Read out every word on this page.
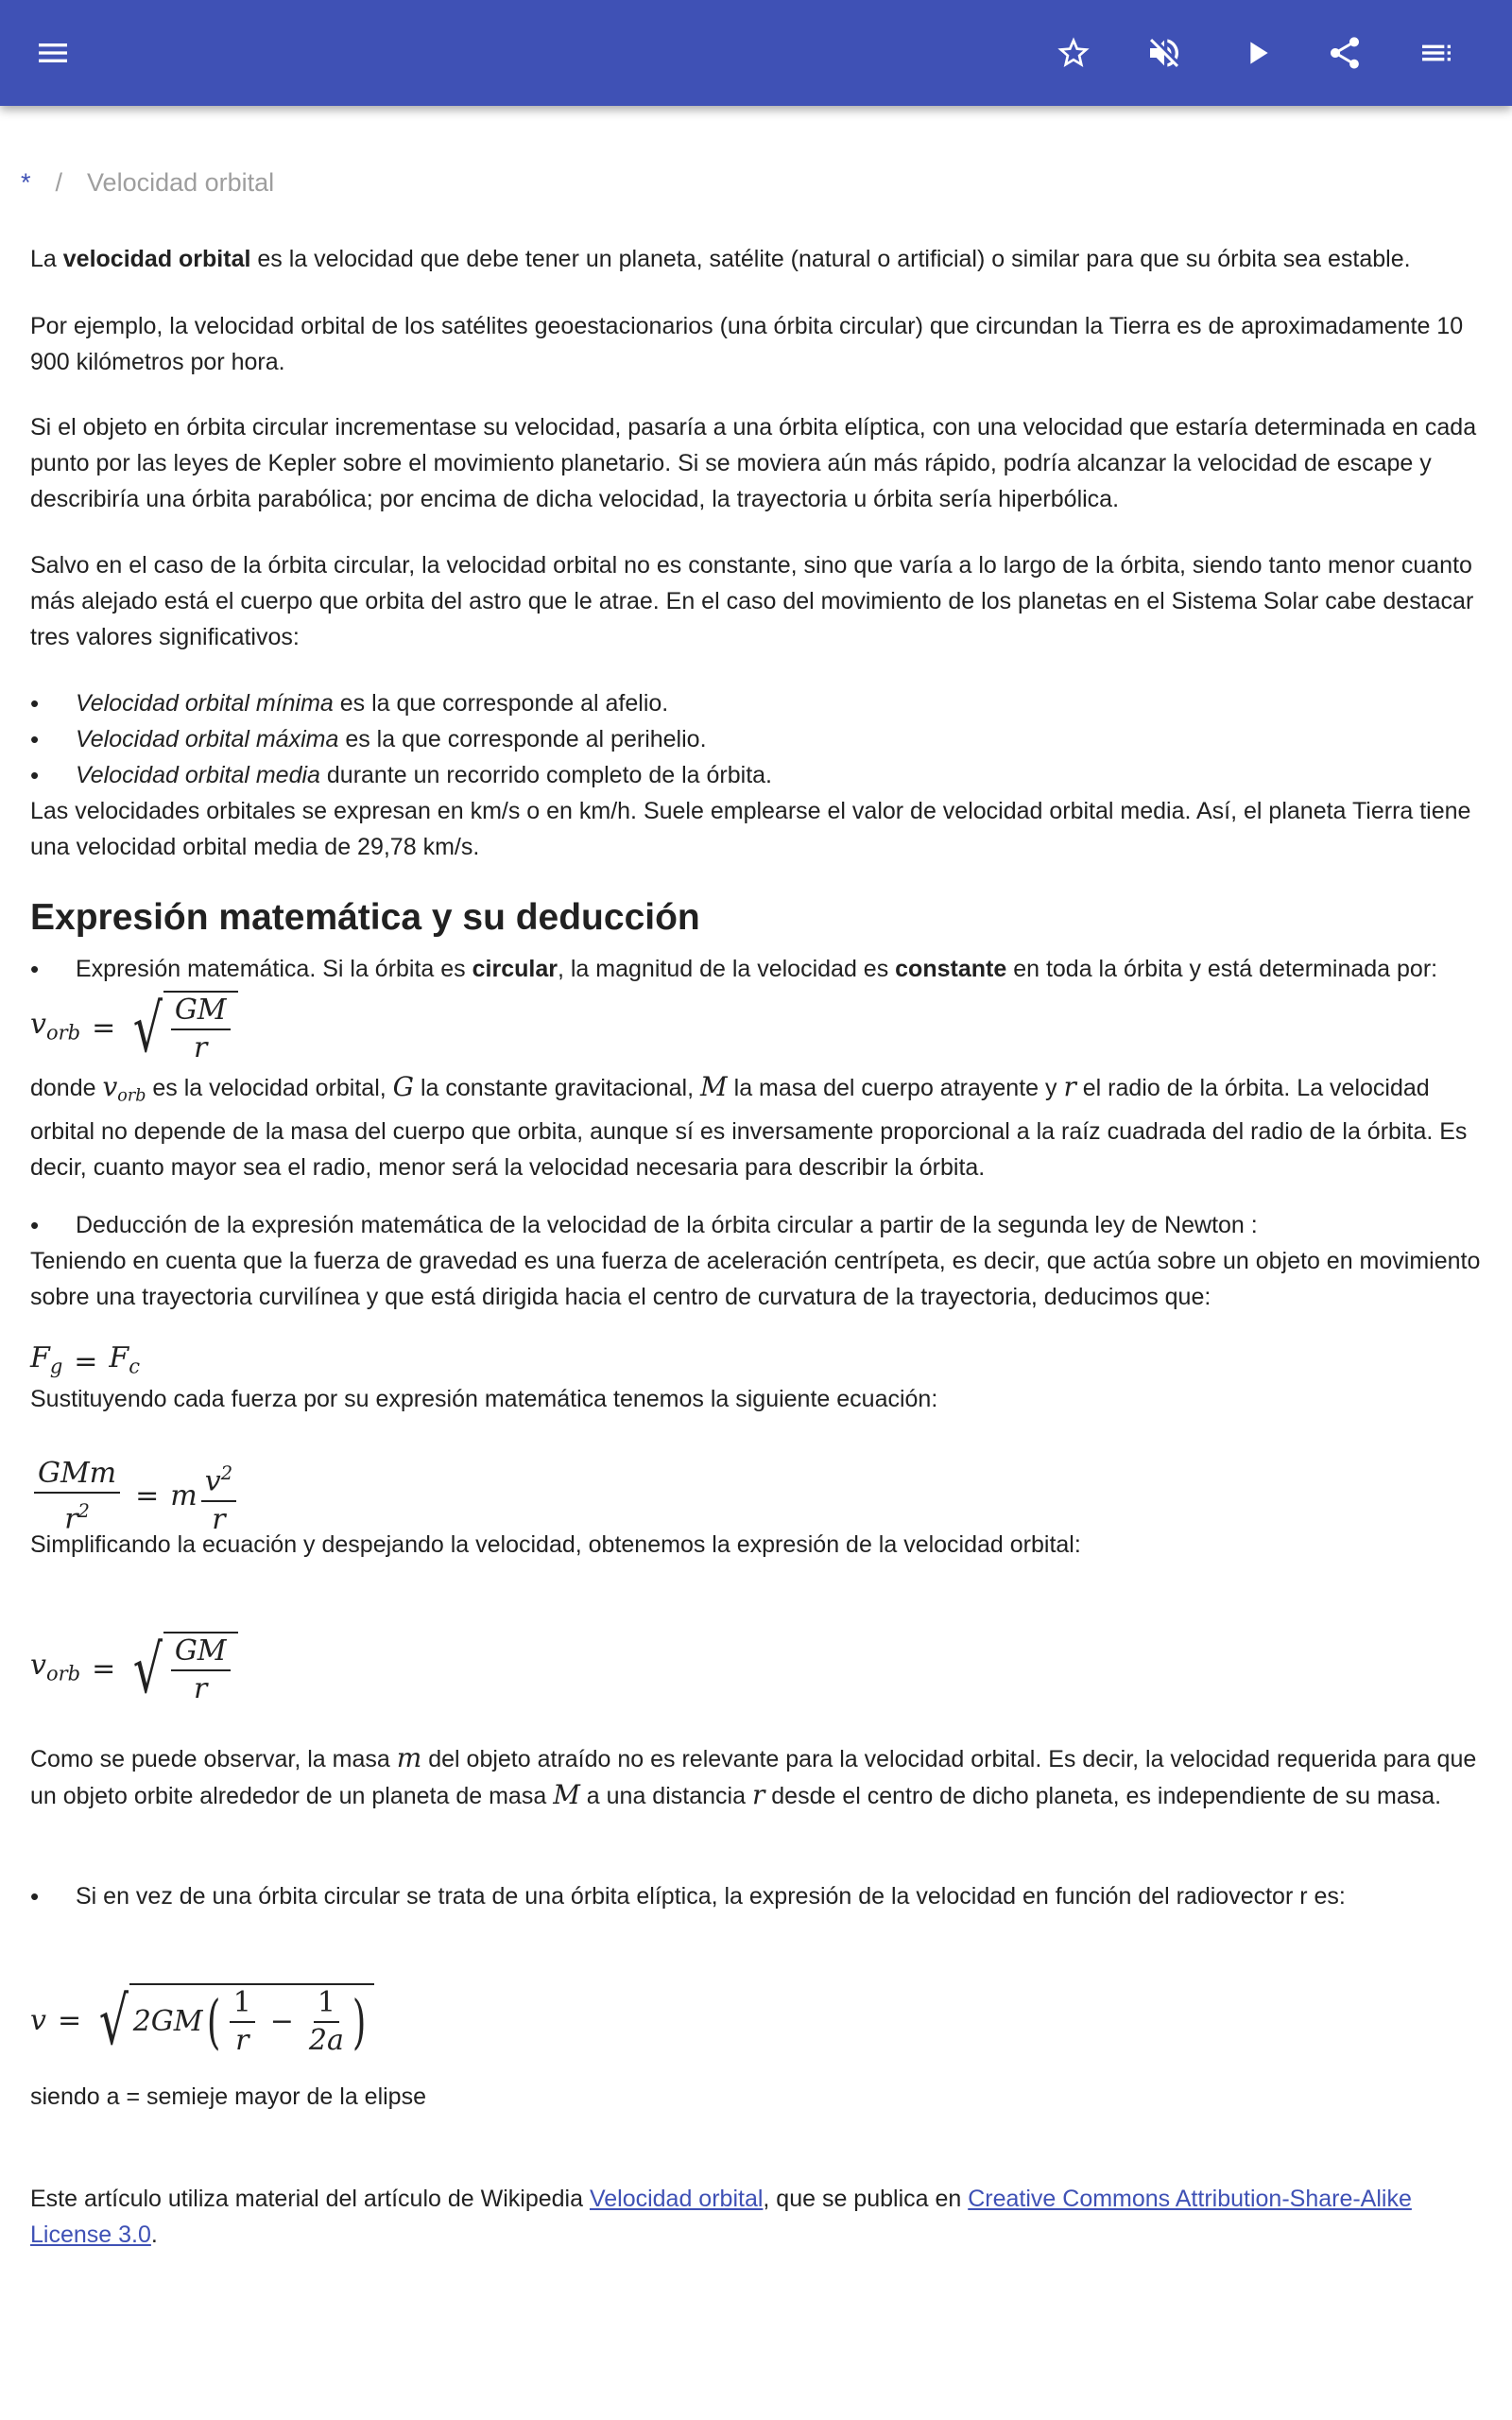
* / Velocidad orbital

La velocidad orbital es la velocidad que debe tener un planeta, satélite (natural o artificial) o similar para que su órbita sea estable.

Por ejemplo, la velocidad orbital de los satélites geoestacionarios (una órbita circular) que circundan la Tierra es de aproximadamente 10 900 kilómetros por hora.

Si el objeto en órbita circular incrementase su velocidad, pasaría a una órbita elíptica, con una velocidad que estaría determinada en cada punto por las leyes de Kepler sobre el movimiento planetario. Si se moviera aún más rápido, podría alcanzar la velocidad de escape y describiría una órbita parabólica; por encima de dicha velocidad, la trayectoria u órbita sería hiperbólica.

Salvo en el caso de la órbita circular, la velocidad orbital no es constante, sino que varía a lo largo de la órbita, siendo tanto menor cuanto más alejado está el cuerpo que orbita del astro que le atrae. En el caso del movimiento de los planetas en el Sistema Solar cabe destacar tres valores significativos:

• Velocidad orbital mínima es la que corresponde al afelio.
• Velocidad orbital máxima es la que corresponde al perihelio.
• Velocidad orbital media durante un recorrido completo de la órbita.

Las velocidades orbitales se expresan en km/s o en km/h. Suele emplearse el valor de velocidad orbital media. Así, el planeta Tierra tiene una velocidad orbital media de 29,78 km/s.

Expresión matemática y su deducción
• Expresión matemática. Si la órbita es circular, la magnitud de la velocidad es constante en toda la órbita y está determinada por:
$v_{orb}$ = √ $\frac{GM}{r}$

donde $v_{orb}$ es la velocidad orbital, G la constante gravitacional, M la masa del cuerpo atrayente y r el radio de la órbita. La velocidad orbital no depende de la masa del cuerpo que orbita, aunque sí es inversamente proporcional a la raíz cuadrada del radio de la órbita. Es decir, cuanto mayor sea el radio, menor será la velocidad necesaria para describir la órbita.

• Deducción de la expresión matemática de la velocidad de la órbita circular a partir de la segunda ley de Newton :

Teniendo en cuenta que la fuerza de gravedad es una fuerza de aceleración centrípeta, es decir, que actúa sobre un objeto en movimiento sobre una trayectoria curvilínea y que está dirigida hacia el centro de curvatura de la trayectoria, deducimos que:

$F_g = F_c$

Sustituyendo cada fuerza por su expresión matemática tenemos la siguiente ecuación:

$\frac{\text{GMm}}{r^2} = m \frac{v^2}{r}$

Simplificando la ecuación y despejando la velocidad, obtenemos la expresión de la velocidad orbital:

$v_{orb}$ = √ $\frac{GM}{r}$

Como se puede observar, la masa m del objeto atraído no es relevante para la velocidad orbital. Es decir, la velocidad requerida para que un objeto orbite alrededor de un planeta de masa M a una distancia r desde el centro de dicho planeta, es independiente de su masa.

• Si en vez de una órbita circular se trata de una órbita elíptica, la expresión de la velocidad en función del radiovector r es:
v = √ 2GM ( $\frac{1}{r} - \frac{1}{2a}$ )

siendo a = semieje mayor de la elipse

Este artículo utiliza material del artículo de Wikipedia Velocidad orbital, que se publica en Creative Commons Attribution-Share-Alike License 3.0.
